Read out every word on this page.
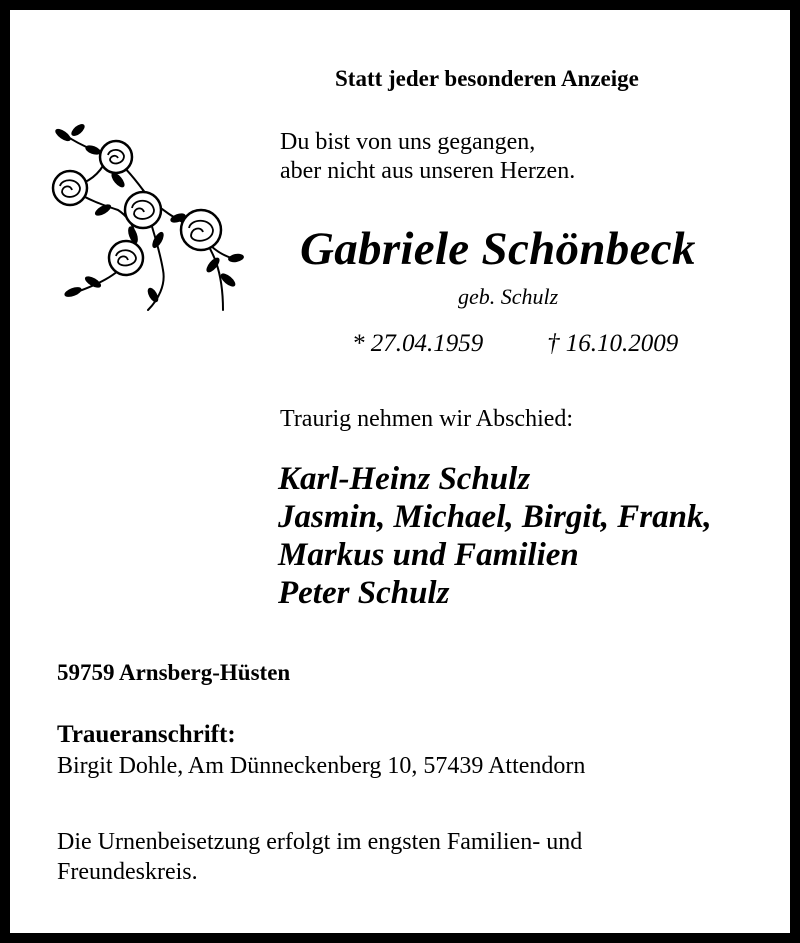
Statt jeder besonderen Anzeige
Du bist von uns gegangen,
aber nicht aus unseren Herzen.
Gabriele Schönbeck
geb. Schulz
* 27.04.1959	† 16.10.2009
Traurig nehmen wir Abschied:
Karl-Heinz Schulz
Jasmin, Michael, Birgit, Frank,
Markus und Familien
Peter Schulz
59759 Arnsberg-Hüsten
Traueranschrift:
Birgit Dohle, Am Dünneckenberg 10, 57439 Attendorn
Die Urnenbeisetzung erfolgt im engsten Familien- und
Freundeskreis.
